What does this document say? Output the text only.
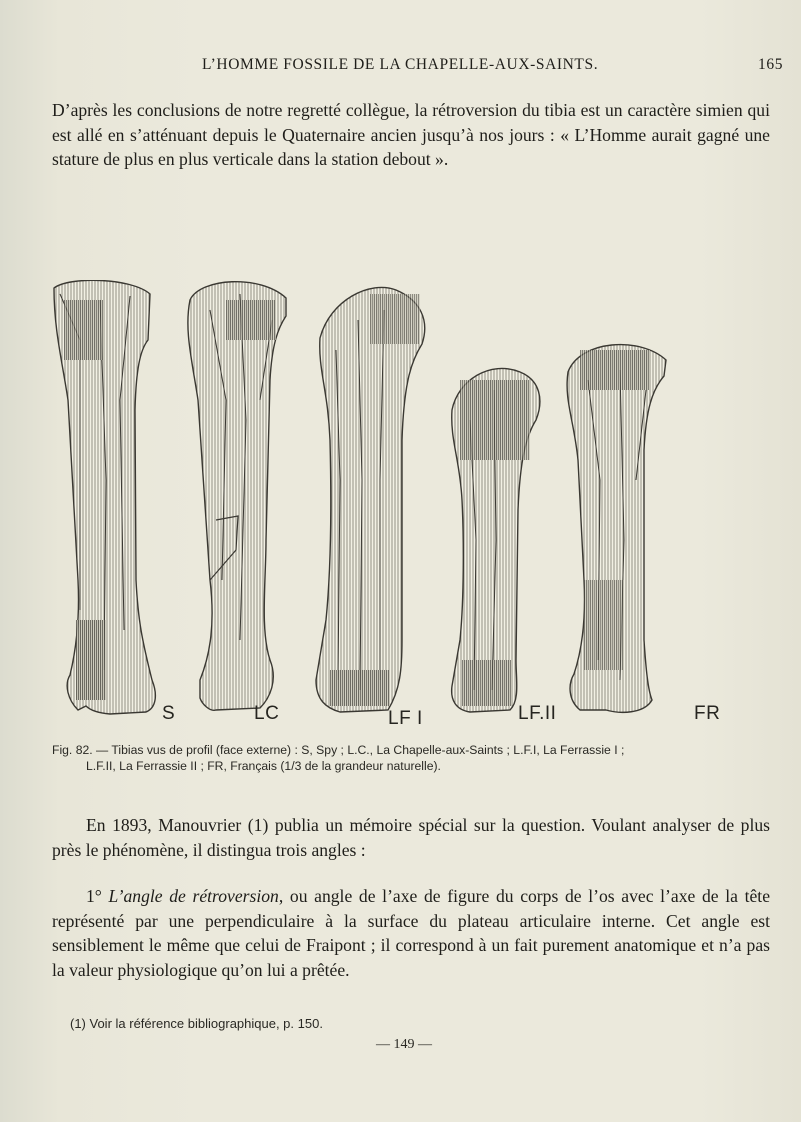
L’HOMME FOSSILE DE LA CHAPELLE-AUX-SAINTS.	165

D’après les conclusions de notre regretté collègue, la rétroversion du tibia est un caractère simien qui est allé en s’atténuant depuis le Quaternaire ancien jusqu’à nos jours : « L’Homme aurait gagné une stature de plus en plus verticale dans la station debout ».

S	LC	LF I	LF.II	FR
Fig. 82. — Tibias vus de profil (face externe) : S, Spy ; L.C., La Chapelle-aux-Saints ; L.F.I, La Ferrassie I ;
L.F.II, La Ferrassie II ; FR, Français (1/3 de la grandeur naturelle).

En 1893, Manouvrier (1) publia un mémoire spécial sur la question. Voulant analyser de plus près le phénomène, il distingua trois angles :

1° L’angle de rétroversion, ou angle de l’axe de figure du corps de l’os avec l’axe de la tête représenté par une perpendiculaire à la surface du plateau articulaire interne. Cet angle est sensiblement le même que celui de Fraipont ; il correspond à un fait purement anatomique et n’a pas la valeur physiologique qu’on lui a prêtée.

(1) Voir la référence bibliographique, p. 150.
— 149 —
